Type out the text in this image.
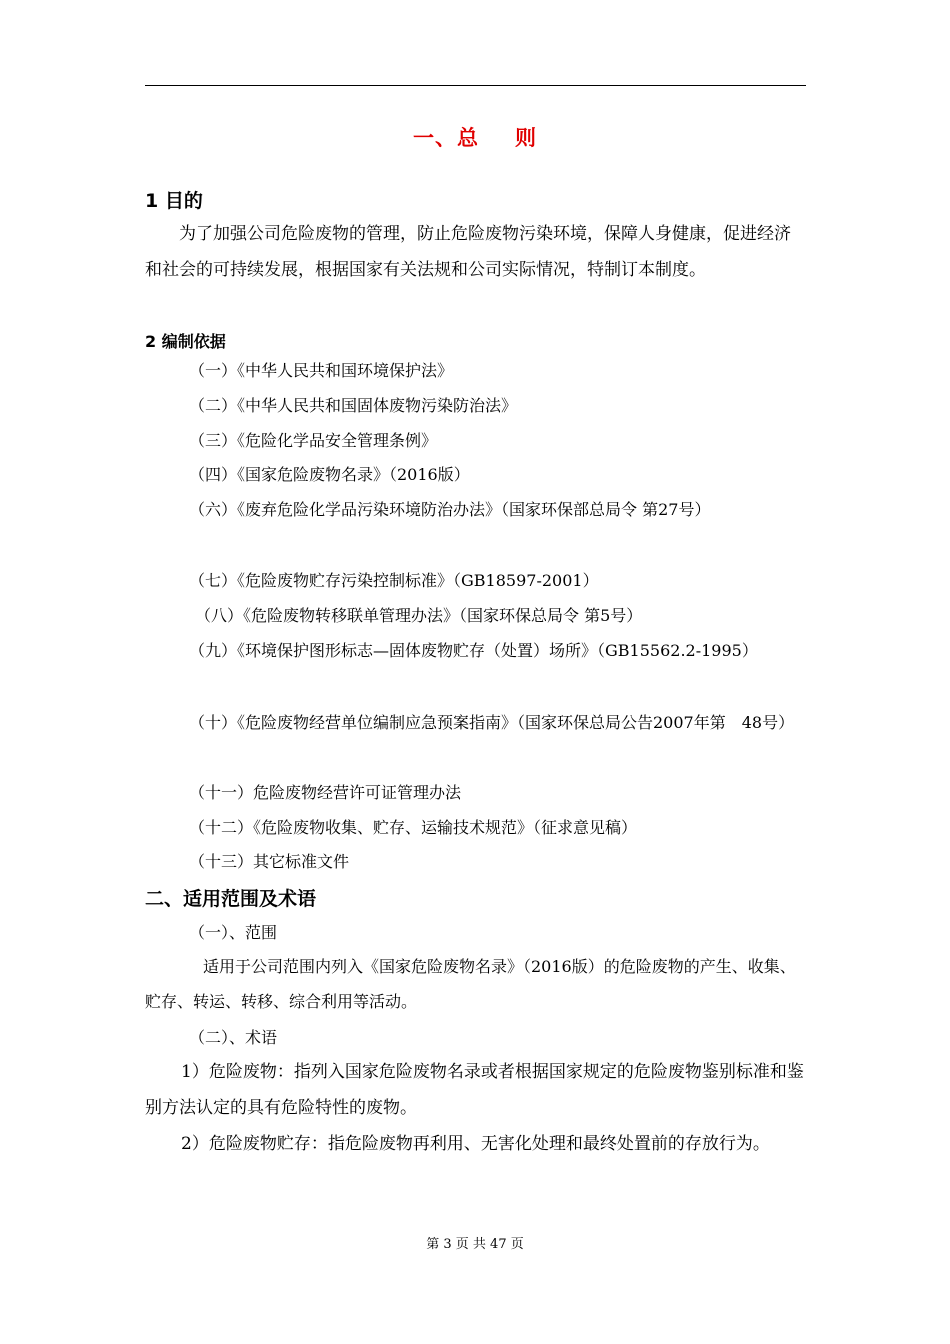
一、总 则
1 目的

为了加强公司危险废物的管理，防止危险废物污染环境，保障人身健康，促进经济和社会的可持续发展，根据国家有关法规和公司实际情况，特制订本制度。

2 编制依据
（一）《中华人民共和国环境保护法》
（二）《中华人民共和国固体废物污染防治法》
（三）《危险化学品安全管理条例》
（四）《国家危险废物名录》（2016版）
（六）《废弃危险化学品污染环境防治办法》（国家环保部总局令 第27号）
（七）《危险废物贮存污染控制标准》（GB18597-2001）
（八）《危险废物转移联单管理办法》（国家环保总局令 第5号）
（九）《环境保护图形标志—固体废物贮存（处置）场所》（GB15562.2-1995）
（十）《危险废物经营单位编制应急预案指南》（国家环保总局公告2007年第　48号）
（十一）危险废物经营许可证管理办法
（十二）《危险废物收集、贮存、运输技术规范》（征求意见稿）
（十三）其它标准文件
二、适用范围及术语
（一）、范围

适用于公司范围内列入《国家危险废物名录》（2016版）的危险废物的产生、收集、贮存、转运、转移、综合利用等活动。

（二）、术语

1）危险废物：指列入国家危险废物名录或者根据国家规定的危险废物鉴别标准和鉴别方法认定的具有危险特性的废物。

2）危险废物贮存：指危险废物再利用、无害化处理和最终处置前的存放行为。

第 3 页 共 47 页
